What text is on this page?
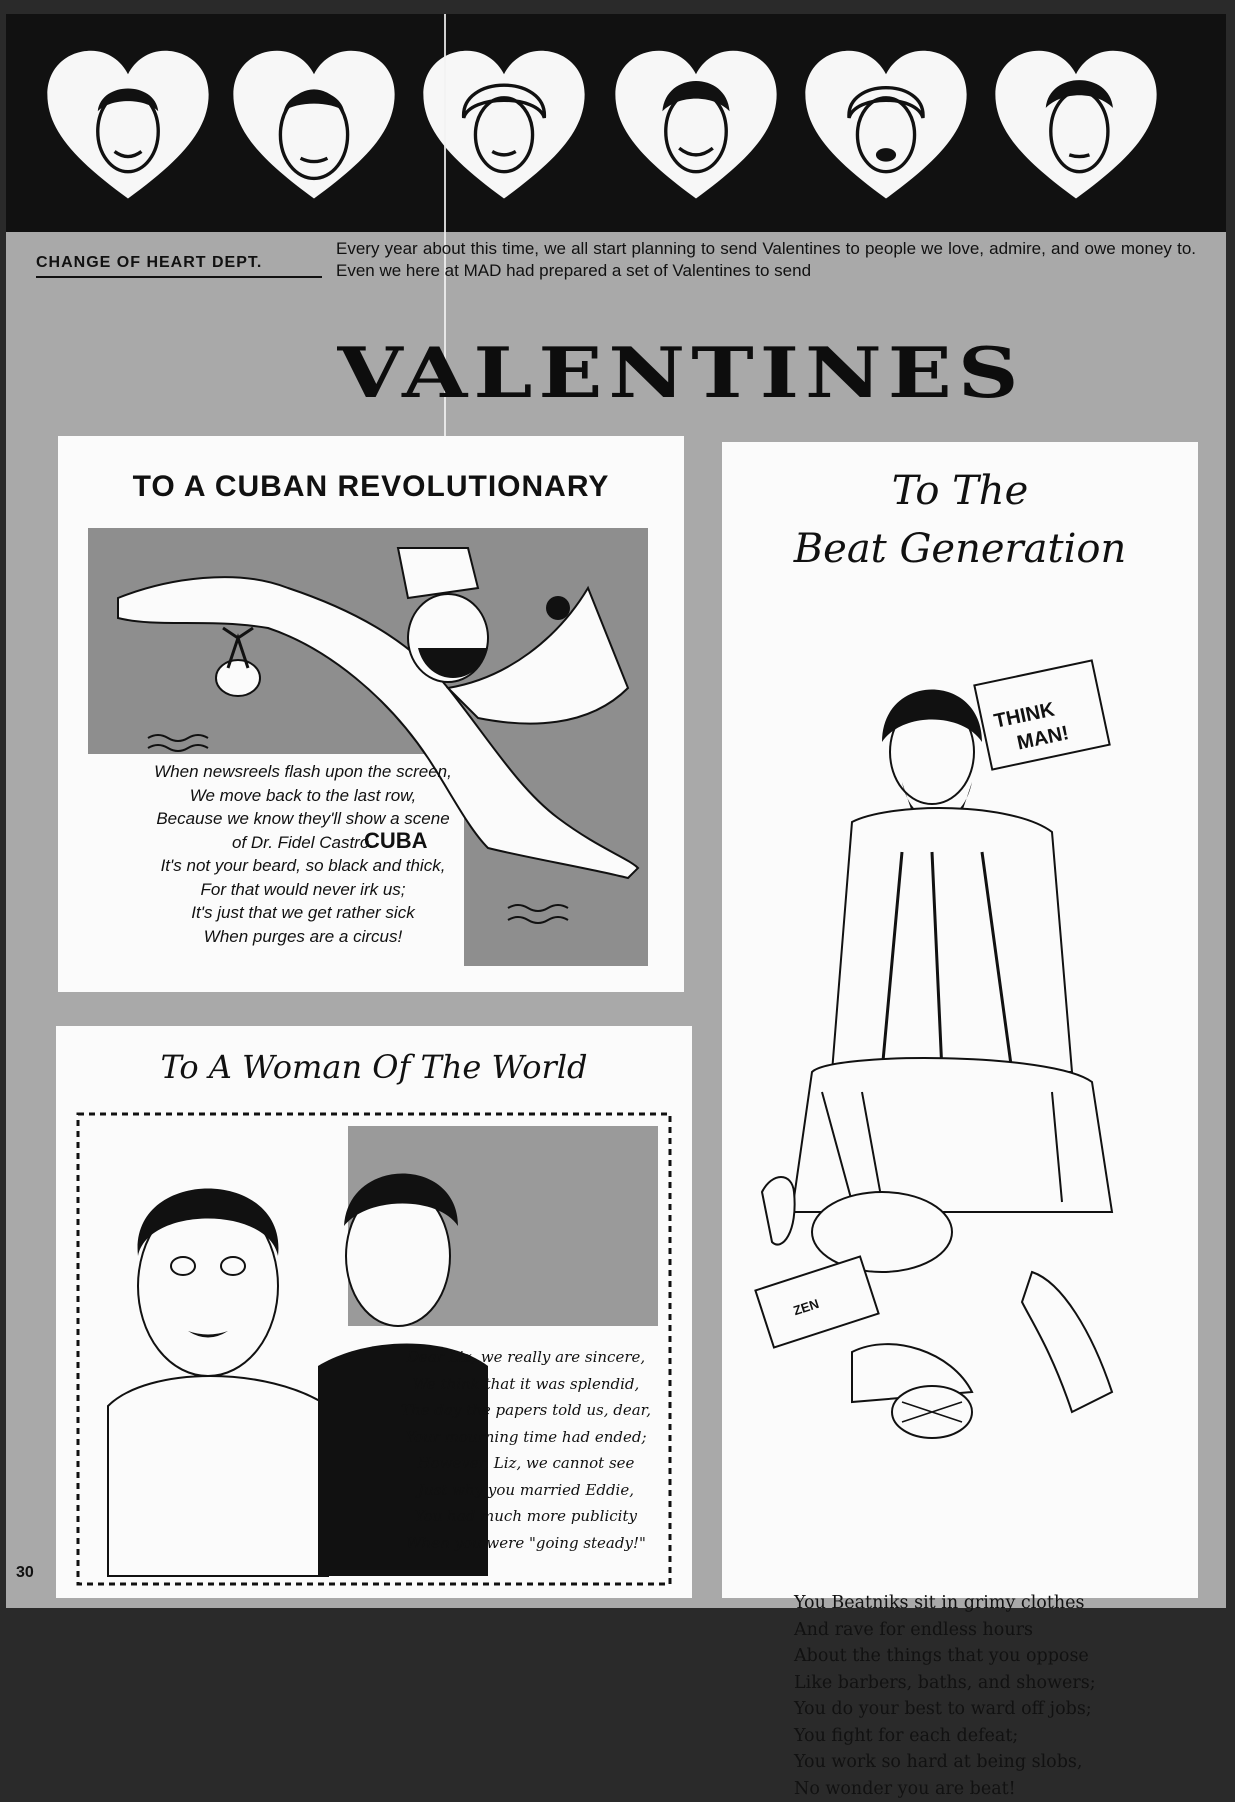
CHANGE OF HEART DEPT.
Every year about this time, we all start planning to send Valentines to people we love, admire, and owe money to. Even we here at MAD had prepared a set of Valentines to send
VALENTINES
TO A CUBAN REVOLUTIONARY
CUBA
When newsreels flash upon the screen,
We move back to the last row,
Because we know they'll show a scene
of Dr. Fidel Castro.
It's not your beard, so black and thick,
For that would never irk us;
It's just that we get rather sick
When purges are a circus!
To A Woman Of The World
Dear Liz, we really are sincere,
We think that it was splendid,
The day the papers told us, dear,
Your mourning time had ended;
However, Liz, we cannot see
Just why you married Eddie,
You had much more publicity
When you were "going steady!"
To The
Beat Generation
THINK
MAN!
ZEN
You Beatniks sit in grimy clothes
And rave for endless hours
About the things that you oppose
Like barbers, baths, and showers;
You do your best to ward off jobs;
You fight for each defeat;
You work so hard at being slobs,
No wonder you are beat!
30
